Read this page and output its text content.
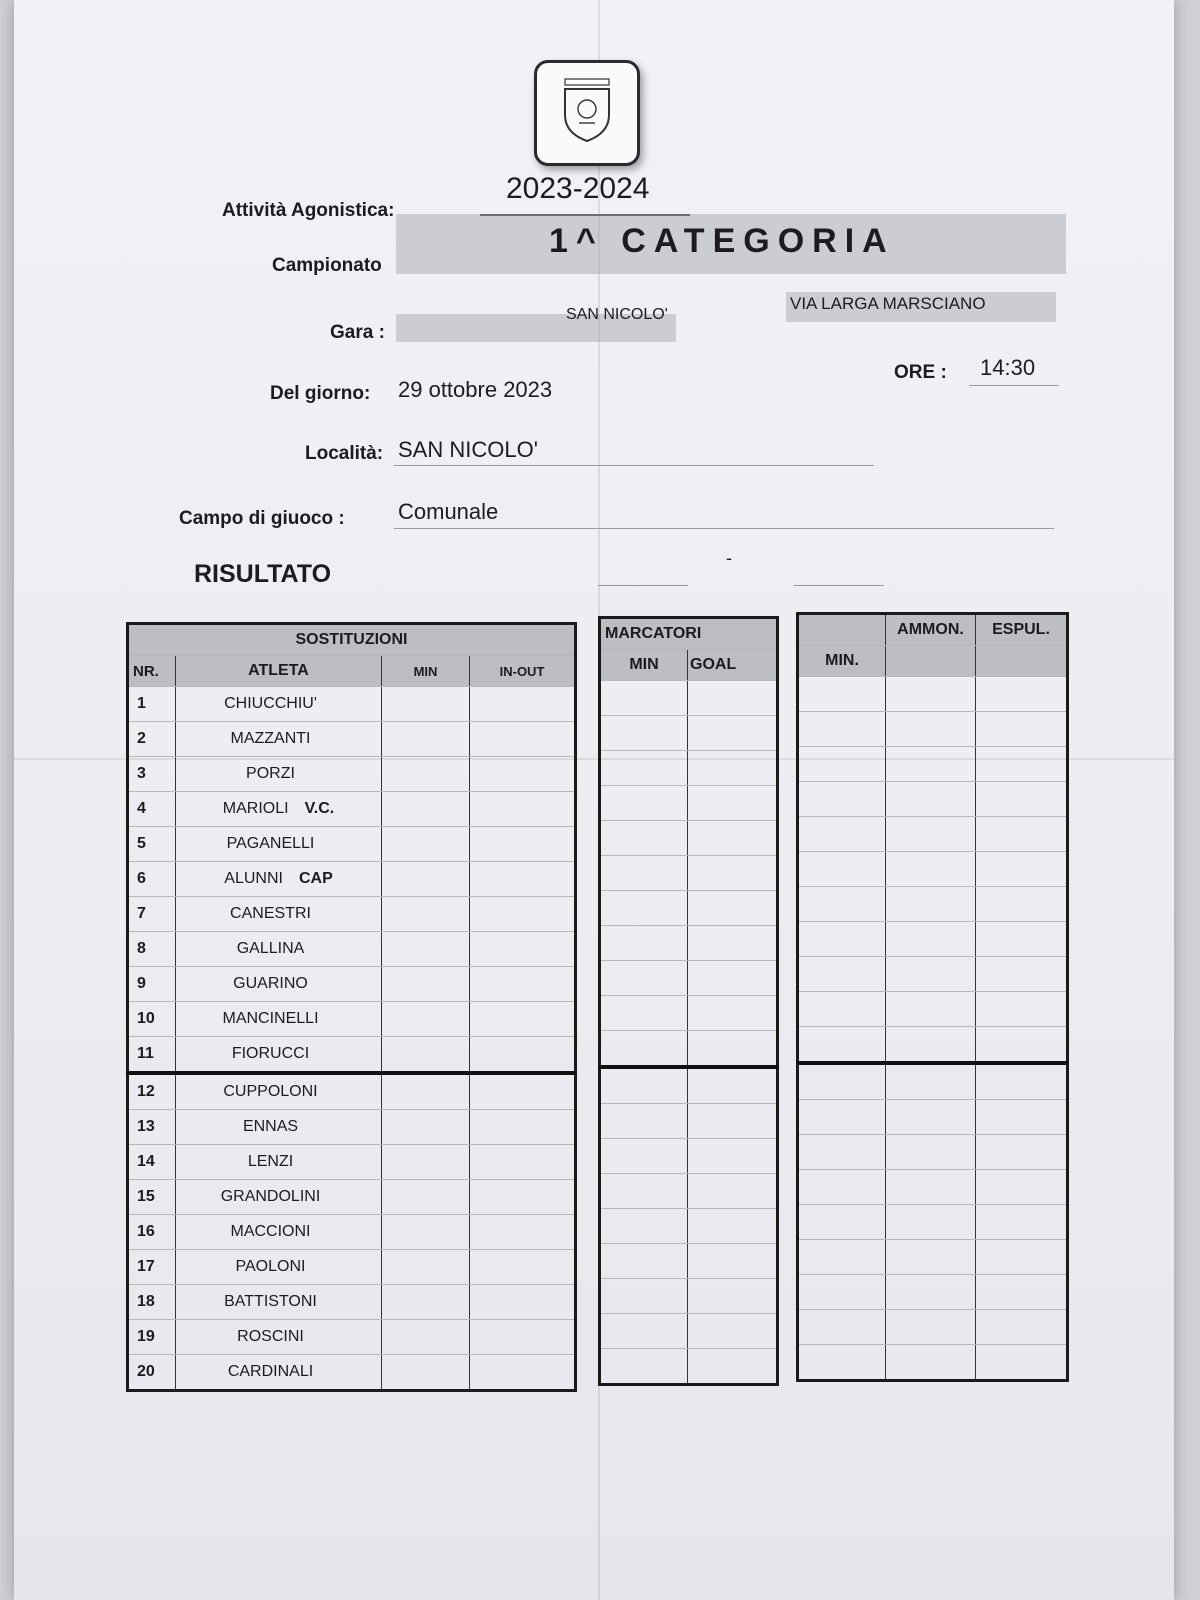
Attività Agonistica:
2023-2024
Campionato
1^ CATEGORIA
Gara :
SAN NICOLO'
VIA LARGA MARSCIANO
Del giorno: 29 ottobre 2023
ORE : 14:30
Località: SAN NICOLO'
Campo di giuoco : Comunale
RISULTATO
-
SOSTITUZIONI			
NR.	ATLETA	MIN	IN-OUT
1	CHIUCCHIU'		
2	MAZZANTI		
3	PORZI		
4	MARIOLI V.C.		
5	PAGANELLI		
6	ALUNNI CAP		
7	CANESTRI		
8	GALLINA		
9	GUARINO		
10	MANCINELLI		
11	FIORUCCI		
12	CUPPOLONI		
13	ENNAS		
14	LENZI		
15	GRANDOLINI		
16	MACCIONI		
17	PAOLONI		
18	BATTISTONI		
19	ROSCINI		
20	CARDINALI		
MARCATORI	
MIN	GOAL

	AMMON.	ESPUL.
MIN.		
